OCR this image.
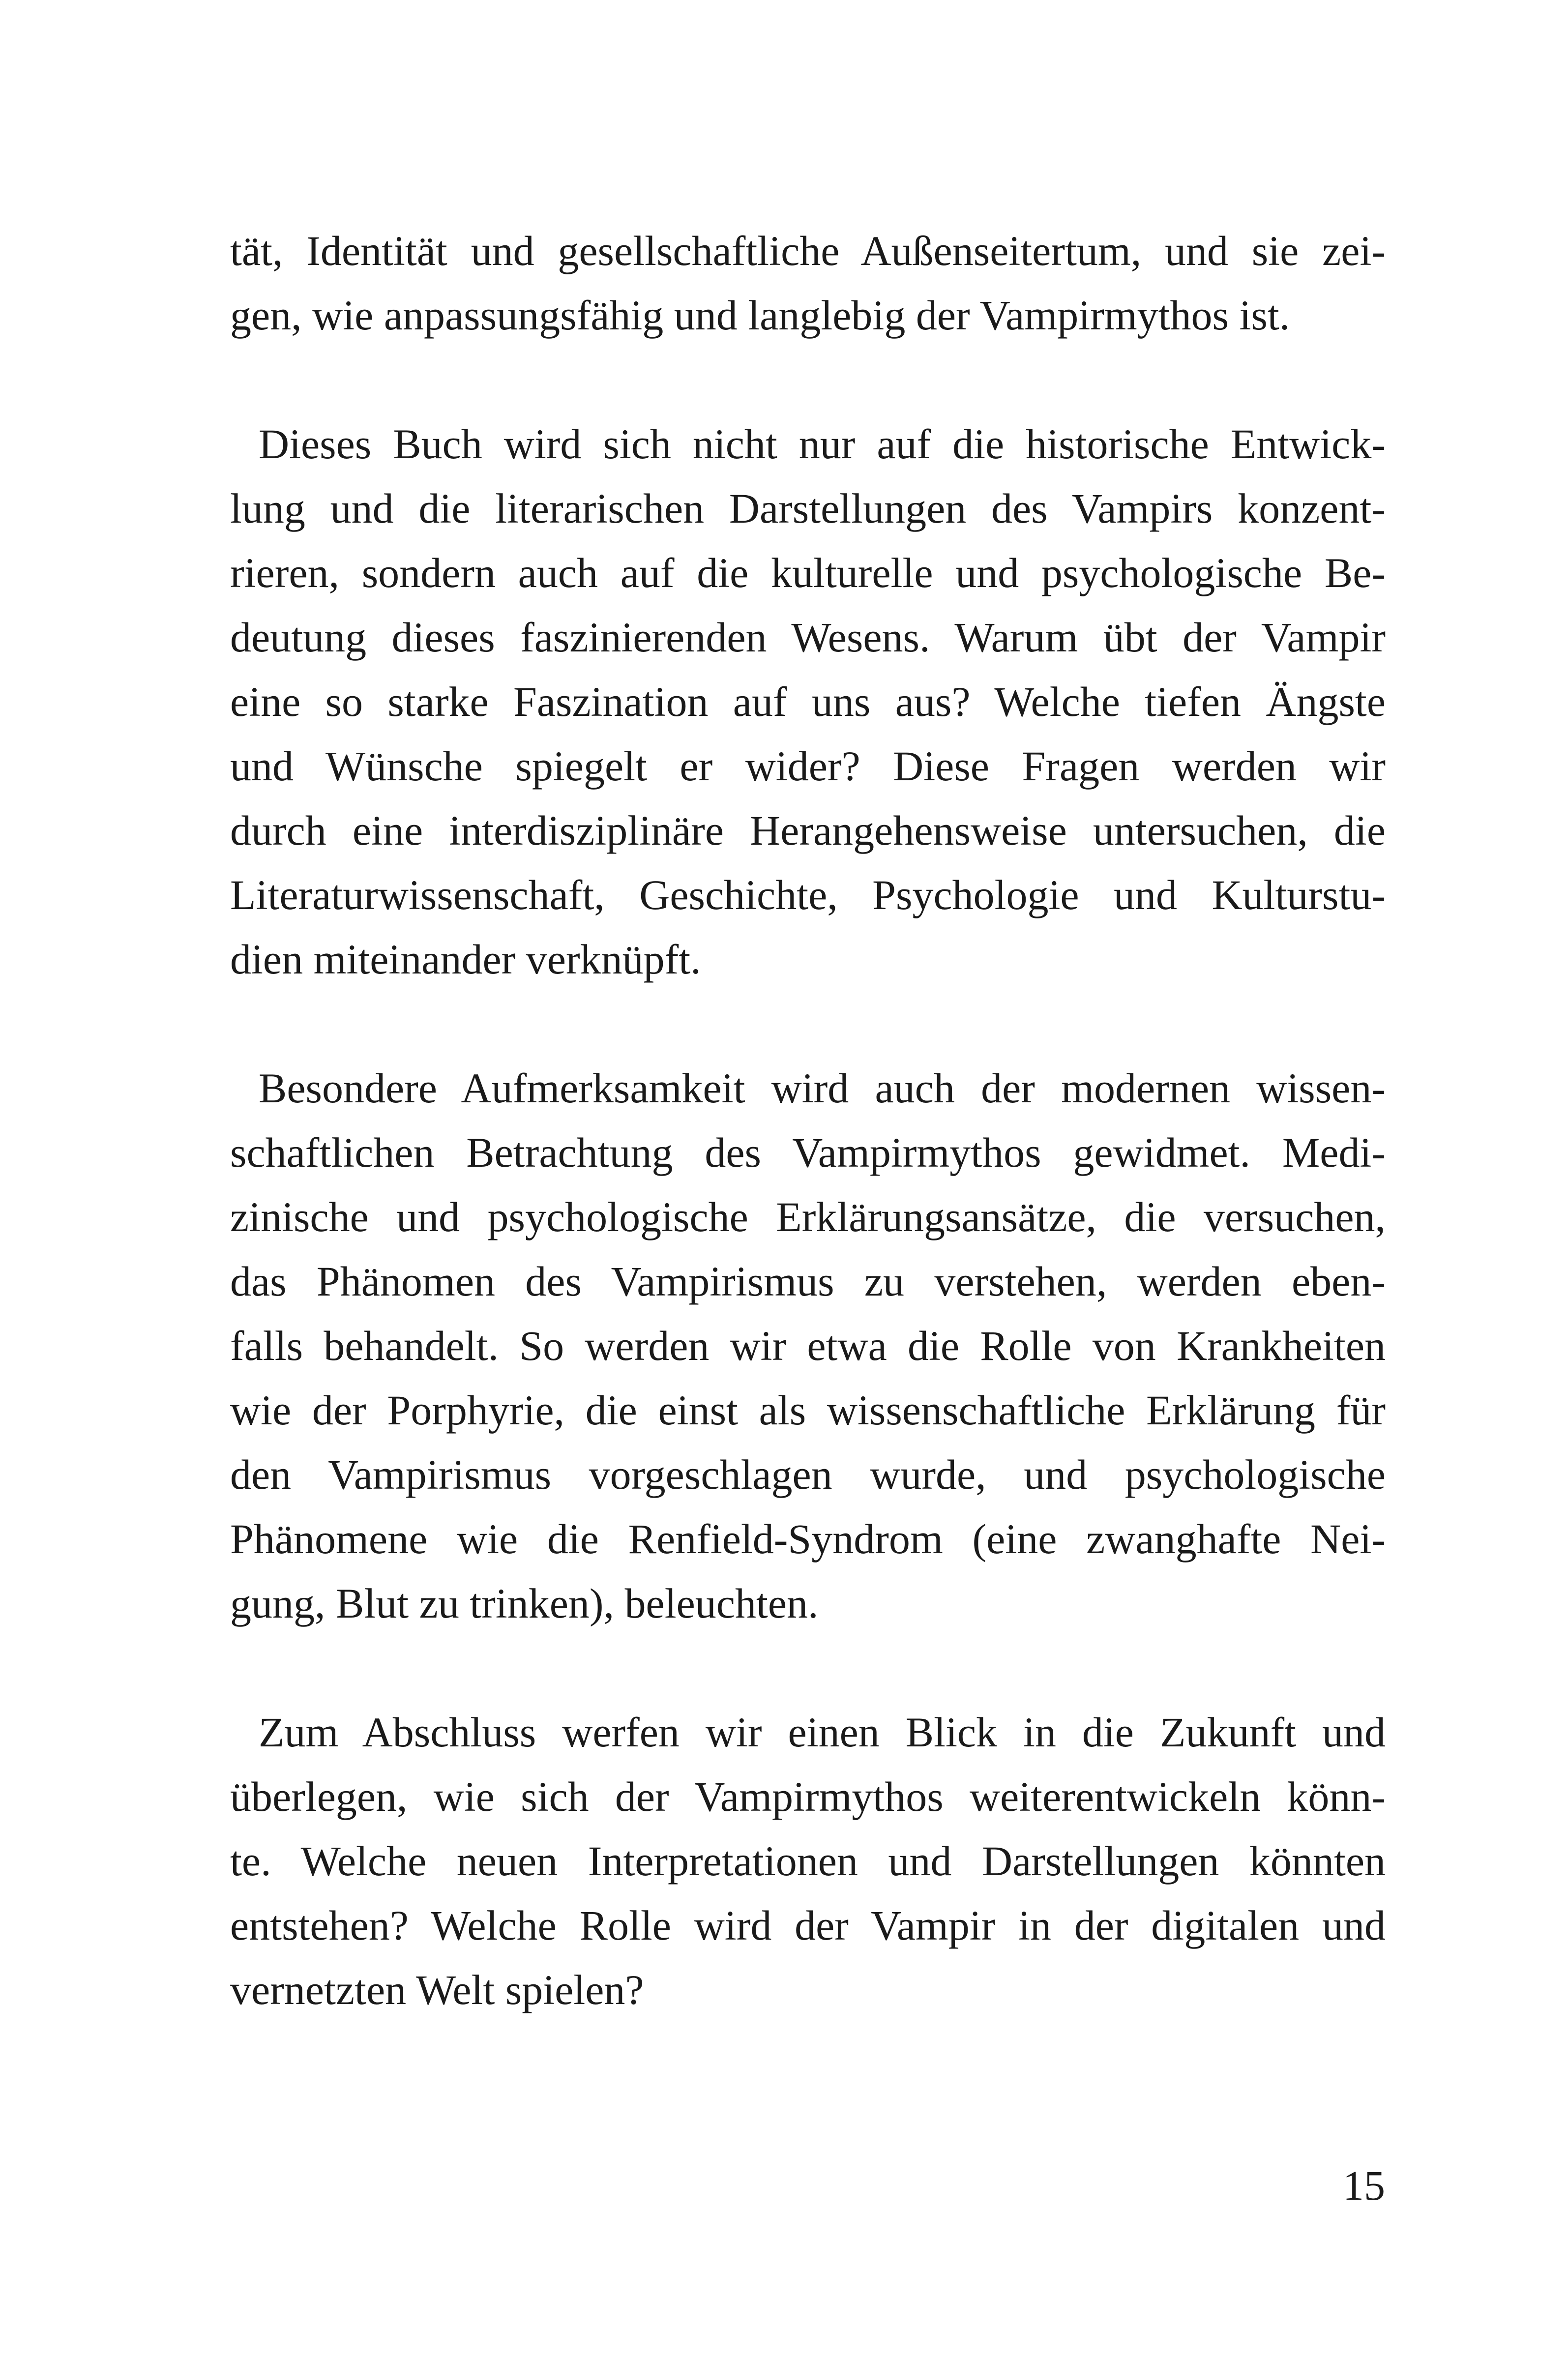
tät, Identität und gesellschaftliche Außenseitertum, und sie zei-
gen, wie anpassungsfähig und langlebig der Vampirmythos ist.

Dieses Buch wird sich nicht nur auf die historische Entwick-
lung und die literarischen Darstellungen des Vampirs konzent-
rieren, sondern auch auf die kulturelle und psychologische Be-
deutung dieses faszinierenden Wesens. Warum übt der Vampir
eine so starke Faszination auf uns aus? Welche tiefen Ängste
und Wünsche spiegelt er wider? Diese Fragen werden wir
durch eine interdisziplinäre Herangehensweise untersuchen, die
Literaturwissenschaft, Geschichte, Psychologie und Kulturstu-
dien miteinander verknüpft.

Besondere Aufmerksamkeit wird auch der modernen wissen-
schaftlichen Betrachtung des Vampirmythos gewidmet. Medi-
zinische und psychologische Erklärungsansätze, die versuchen,
das Phänomen des Vampirismus zu verstehen, werden eben-
falls behandelt. So werden wir etwa die Rolle von Krankheiten
wie der Porphyrie, die einst als wissenschaftliche Erklärung für
den Vampirismus vorgeschlagen wurde, und psychologische
Phänomene wie die Renfield-Syndrom (eine zwanghafte Nei-
gung, Blut zu trinken), beleuchten.

Zum Abschluss werfen wir einen Blick in die Zukunft und
überlegen, wie sich der Vampirmythos weiterentwickeln könn-
te. Welche neuen Interpretationen und Darstellungen könnten
entstehen? Welche Rolle wird der Vampir in der digitalen und
vernetzten Welt spielen?

15
